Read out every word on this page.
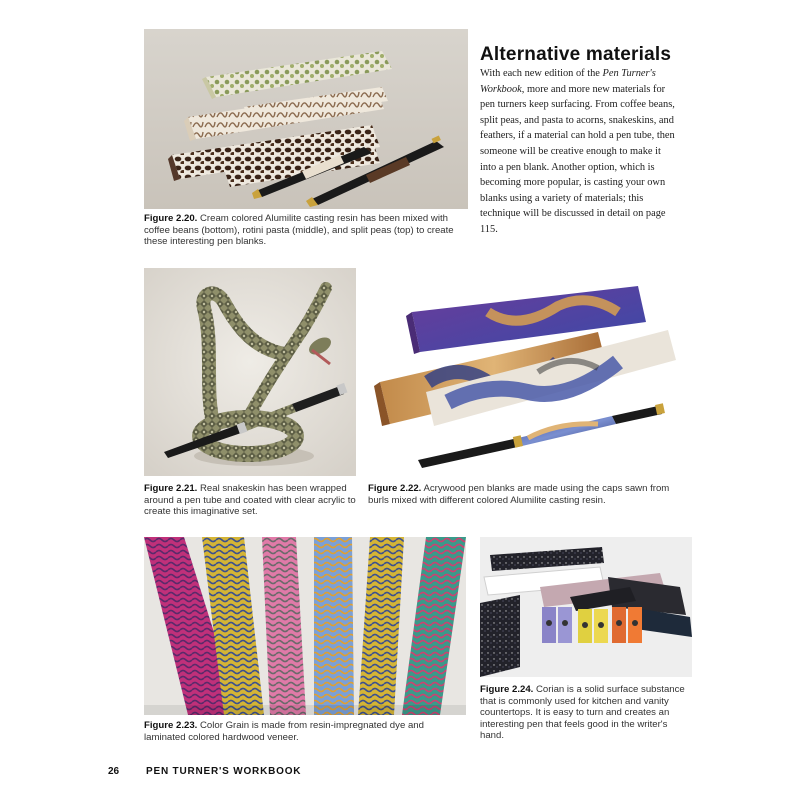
Figure 2.20. Cream colored Alumilite casting resin has been mixed with coffee beans (bottom), rotini pasta (middle), and split peas (top) to create these interesting pen blanks.
Alternative materials
With each new edition of the Pen Turner's Workbook, more and more new materials for pen turners keep surfacing. From coffee beans, split peas, and pasta to acorns, snakeskins, and feathers, if a material can hold a pen tube, then someone will be creative enough to make it into a pen blank. Another option, which is becoming more popular, is casting your own blanks using a variety of materials; this technique will be discussed in detail on page 115.
Figure 2.21. Real snakeskin has been wrapped around a pen tube and coated with clear acrylic to create this imaginative set.
Figure 2.22. Acrywood pen blanks are made using the caps sawn from burls mixed with different colored Alumilite casting resin.
Figure 2.23. Color Grain is made from resin-impregnated dye and laminated colored hardwood veneer.
Figure 2.24. Corian is a solid surface substance that is commonly used for kitchen and vanity countertops. It is easy to turn and creates an interesting pen that feels good in the writer's hand.
26	PEN TURNER'S WORKBOOK
